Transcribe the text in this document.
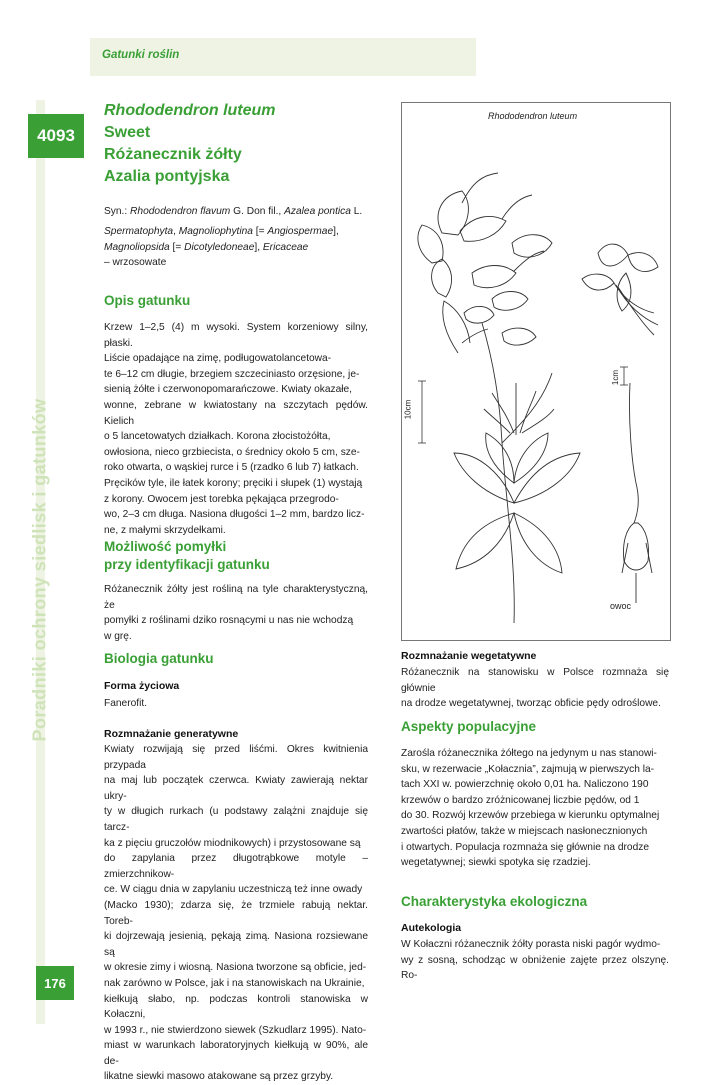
Gatunki roślin
4093
Poradniki ochrony siedlisk i gatunków
176
Rhododendron luteum
Sweet
Różanecznik żółty
Azalia pontyjska
Syn.: Rhododendron flavum G. Don fil., Azalea pontica L.
Spermatophyta, Magnoliophytina [= Angiospermae],
Magnoliopsida [= Dicotyledoneae], Ericaceae
– wrzosowate
Opis gatunku
Krzew 1–2,5 (4) m wysoki. System korzeniowy silny, płaski.
Liście opadające na zimę, podługowatolancetowa-
te 6–12 cm długie, brzegiem szczeciniasto orzęsione, je-
sienią żółte i czerwonopomarańczowe. Kwiaty okazałe,
wonne, zebrane w kwiatostany na szczytach pędów. Kielich
o 5 lancetowatych działkach. Korona złocistożółta,
owłosiona, nieco grzbiecista, o średnicy około 5 cm, sze-
roko otwarta, o wąskiej rurce i 5 (rzadko 6 lub 7) łatkach.
Pręcików tyle, ile łatek korony; pręciki i słupek (1) wystają
z korony. Owocem jest torebka pękająca przegrodo-
wo, 2–3 cm długa. Nasiona długości 1–2 mm, bardzo licz-
ne, z małymi skrzydełkami.
Możliwość pomyłki
przy identyfikacji gatunku
Różanecznik żółty jest rośliną na tyle charakterystyczną, że
pomyłki z roślinami dziko rosnącymi u nas nie wchodzą
w grę.
Biologia gatunku
Forma życiowa
Fanerofit.
Rozmnażanie generatywne
Kwiaty rozwijają się przed liśćmi. Okres kwitnienia przypada
na maj lub początek czerwca. Kwiaty zawierają nektar ukry-
ty w długich rurkach (u podstawy zalążni znajduje się tarcz-
ka z pięciu gruczołów miodnikowych) i przystosowane są
do zapylania przez długotrąbkowe motyle – zmierzchnikow-
ce. W ciągu dnia w zapylaniu uczestniczą też inne owady
(Macko 1930); zdarza się, że trzmiele rabują nektar. Toreb-
ki dojrzewają jesienią, pękają zimą. Nasiona rozsiewane są
w okresie zimy i wiosną. Nasiona tworzone są obficie, jed-
nak zarówno w Polsce, jak i na stanowiskach na Ukrainie,
kiełkują słabo, np. podczas kontroli stanowiska w Kołaczni,
w 1993 r., nie stwierdzono siewek (Szkudlarz 1995). Nato-
miast w warunkach laboratoryjnych kiełkują w 90%, ale de-
likatne siewki masowo atakowane są przez grzyby.
Rhododendron luteum
10cm
1cm
owoc
Rozmnażanie wegetatywne
Różanecznik na stanowisku w Polsce rozmnaża się głównie
na drodze wegetatywnej, tworząc obficie pędy odroślowe.
Aspekty populacyjne
Zarośla różanecznika żółtego na jedynym u nas stanowi-
sku, w rezerwacie „Kołacznia”, zajmują w pierwszych la-
tach XXI w. powierzchnię około 0,01 ha. Naliczono 190
krzewów o bardzo zróżnicowanej liczbie pędów, od 1
do 30. Rozwój krzewów przebiega w kierunku optymalnej
zwartości płatów, także w miejscach nasłonecznionych
i otwartych. Populacja rozmnaża się głównie na drodze
wegetatywnej; siewki spotyka się rzadziej.
Charakterystyka ekologiczna
Autekologia
W Kołaczni różanecznik żółty porasta niski pagór wydmo-
wy z sosną, schodząc w obniżenie zajęte przez olszynę. Ro-
